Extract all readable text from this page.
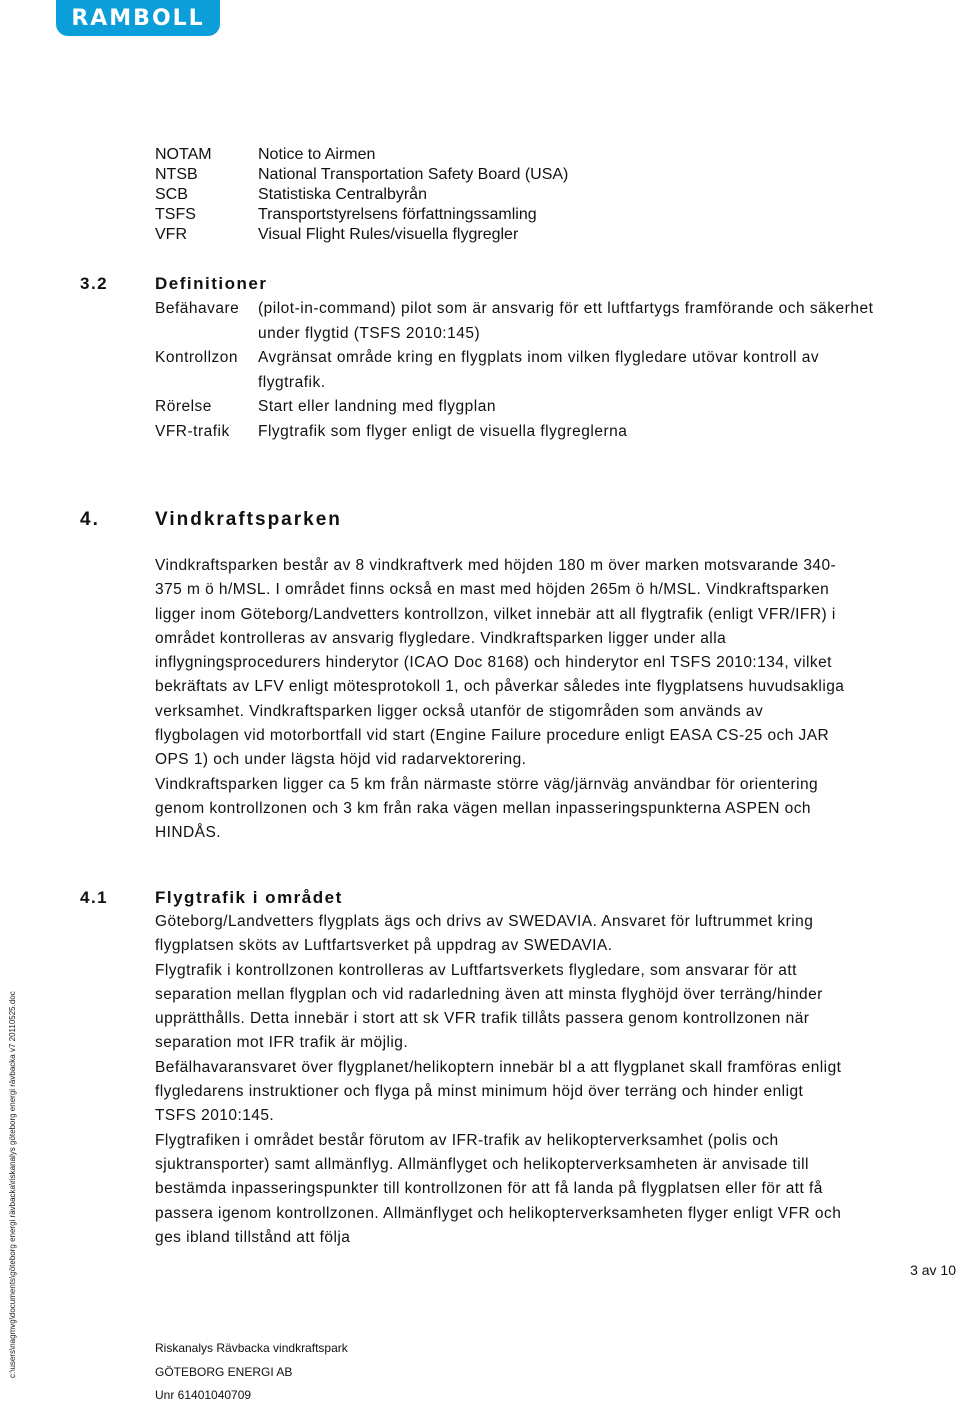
RAMBOLL
NOTAM	Notice to Airmen
NTSB	National Transportation Safety Board (USA)
SCB	Statistiska Centralbyrån
TSFS	Transportstyrelsens författningssamling
VFR	Visual Flight Rules/visuella flygregler
3.2	Definitioner
Befähavare	(pilot-in-command) pilot som är ansvarig för ett luftfartygs framförande och säkerhet under flygtid (TSFS 2010:145)
Kontrollzon	Avgränsat område kring en flygplats inom vilken flygledare utövar kontroll av flygtrafik.
Rörelse	Start eller landning med flygplan
VFR-trafik	Flygtrafik som flyger enligt de visuella flygreglerna
4.	Vindkraftsparken

Vindkraftsparken består av 8 vindkraftverk med höjden 180 m över marken motsvarande 340-375 m ö h/MSL. I området finns också en mast med höjden 265m ö h/MSL. Vindkraftsparken ligger inom Göteborg/Landvetters kontrollzon, vilket innebär att all flygtrafik (enligt VFR/IFR) i området kontrolleras av ansvarig flygledare. Vindkraftsparken ligger under alla inflygningsprocedurers hinderytor (ICAO Doc 8168) och hinderytor enl TSFS 2010:134, vilket bekräftats av LFV enligt mötesprotokoll 1, och påverkar således inte flygplatsens huvudsakliga verksamhet. Vindkraftsparken ligger också utanför de stigområden som används av flygbolagen vid motorbortfall vid start (Engine Failure procedure enligt EASA CS-25 och JAR OPS 1) och under lägsta höjd vid radarvektorering.

Vindkraftsparken ligger ca 5 km från närmaste större väg/järnväg användbar för orientering genom kontrollzonen och 3 km från raka vägen mellan inpasseringspunkterna ASPEN och HINDÅS.

4.1	Flygtrafik i området

Göteborg/Landvetters flygplats ägs och drivs av SWEDAVIA. Ansvaret för luftrummet kring flygplatsen sköts av Luftfartsverket på uppdrag av SWEDAVIA.

Flygtrafik i kontrollzonen kontrolleras av Luftfartsverkets flygledare, som ansvarar för att separation mellan flygplan och vid radarledning även att minsta flyghöjd över terräng/hinder upprätthålls. Detta innebär i stort att sk VFR trafik tillåts passera genom kontrollzonen när separation mot IFR trafik är möjlig.

Befälhavaransvaret över flygplanet/helikoptern innebär bl a att flygplanet skall framföras enligt flygledarens instruktioner och flyga på minst minimum höjd över terräng och hinder enligt TSFS 2010:145.

Flygtrafiken i området består förutom av IFR-trafik av helikopterverksamhet (polis och sjuktransporter) samt allmänflyg. Allmänflyget och helikopterverksamheten är anvisade till bestämda inpasseringspunkter till kontrollzonen för att få landa på flygplatsen eller för att få passera igenom kontrollzonen. Allmänflyget och helikopterverksamheten flyger enligt VFR och ges ibland tillstånd att följa

c:\users\nagmvg\documents\göteborg energi rävbacka\riskanalys göteborg energi rävbacka v7 20110525.doc	3 av 10
Riskanalys Rävbacka vindkraftspark
GÖTEBORG ENERGI AB
Unr 61401040709
